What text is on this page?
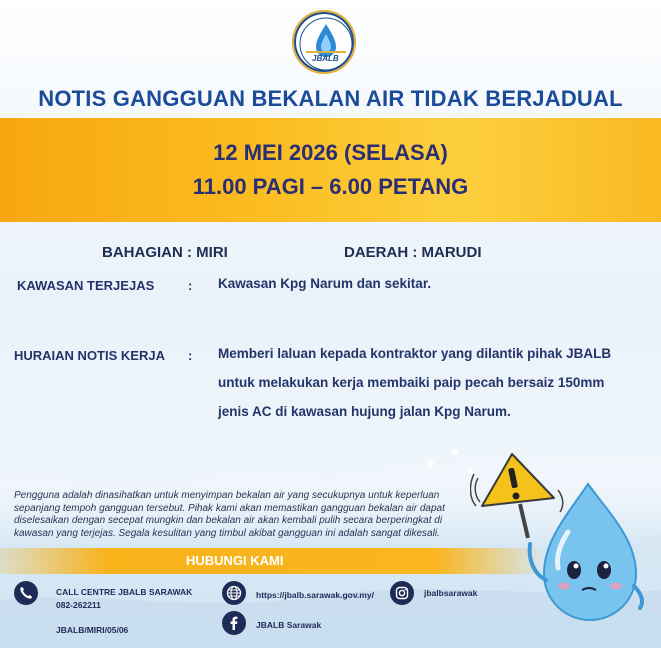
JBALB
NOTIS GANGGUAN BEKALAN AIR TIDAK BERJADUAL
12 MEI 2026 (SELASA)
11.00 PAGI – 6.00 PETANG
BAHAGIAN : MIRI	DAERAH : MARUDI
KAWASAN TERJEJAS	: Kawasan Kpg Narum dan sekitar.
HURAIAN NOTIS KERJA : Memberi laluan kepada kontraktor yang dilantik pihak JBALB
untuk melakukan kerja membaiki paip pecah bersaiz 150mm
jenis AC di kawasan hujung jalan Kpg Narum.
Pengguna adalah dinasihatkan untuk menyimpan bekalan air yang secukupnya untuk keperluan
sepanjang tempoh gangguan tersebut. Pihak kami akan memastikan gangguan bekalan air dapat
diselesaikan dengan secepat mungkin dan bekalan air akan kembali pulih secara berperingkat di
kawasan yang terjejas. Segala kesulitan yang timbul akibat gangguan ini adalah sangat dikesali.
HUBUNGI KAMI
CALL CENTRE JBALB SARAWAK
082-262211
JBALB/MIRI/05/06
https://jbalb.sarawak.gov.my/
JBALB Sarawak
jbalbsarawak
